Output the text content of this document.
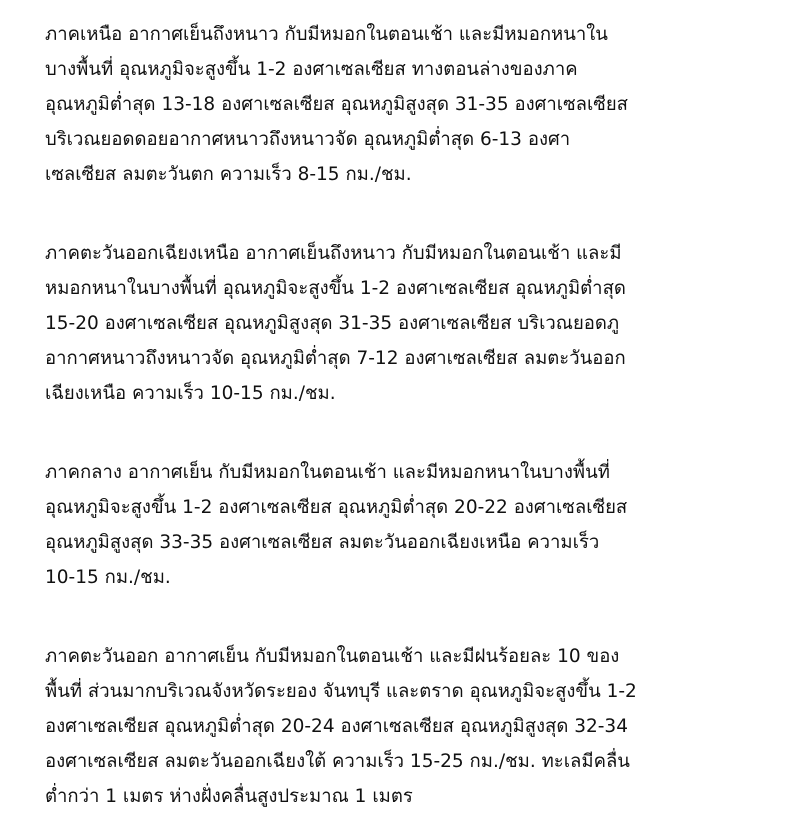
ภาคเหนือ อากาศเย็นถึงหนาว กับมีหมอกในตอนเช้า และมีหมอกหนาใน
บางพื้นที่ อุณหภูมิจะสูงขึ้น 1-2 องศาเซลเซียส ทางตอนล่างของภาค
อุณหภูมิต่ำสุด 13-18 องศาเซลเซียส อุณหภูมิสูงสุด 31-35 องศาเซลเซียส
บริเวณยอดดอยอากาศหนาวถึงหนาวจัด อุณหภูมิต่ำสุด 6-13 องศา
เซลเซียส ลมตะวันตก ความเร็ว 8-15 กม./ชม.

ภาคตะวันออกเฉียงเหนือ อากาศเย็นถึงหนาว กับมีหมอกในตอนเช้า และมี
หมอกหนาในบางพื้นที่ อุณหภูมิจะสูงขึ้น 1-2 องศาเซลเซียส อุณหภูมิต่ำสุด
15-20 องศาเซลเซียส อุณหภูมิสูงสุด 31-35 องศาเซลเซียส บริเวณยอดภู
อากาศหนาวถึงหนาวจัด อุณหภูมิต่ำสุด 7-12 องศาเซลเซียส ลมตะวันออก
เฉียงเหนือ ความเร็ว 10-15 กม./ชม.

ภาคกลาง อากาศเย็น กับมีหมอกในตอนเช้า และมีหมอกหนาในบางพื้นที่
อุณหภูมิจะสูงขึ้น 1-2 องศาเซลเซียส อุณหภูมิต่ำสุด 20-22 องศาเซลเซียส
อุณหภูมิสูงสุด 33-35 องศาเซลเซียส ลมตะวันออกเฉียงเหนือ ความเร็ว
10-15 กม./ชม.

ภาคตะวันออก อากาศเย็น กับมีหมอกในตอนเช้า และมีฝนร้อยละ 10 ของ
พื้นที่ ส่วนมากบริเวณจังหวัดระยอง จันทบุรี และตราด อุณหภูมิจะสูงขึ้น 1-2
องศาเซลเซียส อุณหภูมิต่ำสุด 20-24 องศาเซลเซียส อุณหภูมิสูงสุด 32-34
องศาเซลเซียส ลมตะวันออกเฉียงใต้ ความเร็ว 15-25 กม./ชม. ทะเลมีคลื่น
ต่ำกว่า 1 เมตร ห่างฝั่งคลื่นสูงประมาณ 1 เมตร
